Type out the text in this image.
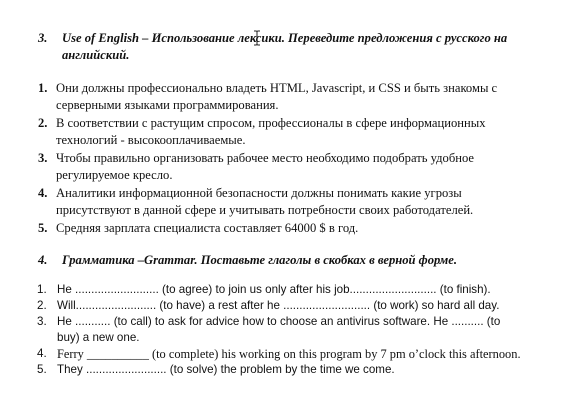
3. Use of English – Использование лексики. Переведите предложения с русского на
английский.
1. Они должны профессионально владеть HTML, Javascript, и CSS и быть знакомы с
серверными языками программирования.
2. В соответствии с растущим спросом, профессионалы в сфере информационных
технологий - высокооплачиваемые.
3. Чтобы правильно организовать рабочее место необходимо подобрать удобное
регулируемое кресло.
4. Аналитики информационной безопасности должны понимать какие угрозы
присутствуют в данной сфере и учитывать потребности своих работодателей.
5. Средняя зарплата специалиста составляет 64000 $ в год.
4. Грамматика –Grammar. Поставьте глаголы в скобках в верной форме.
1. He .......................... (to agree) to join us only after his job........................... (to finish).
2. Will......................... (to have) a rest after he ........................... (to work) so hard all day.
3. He ........... (to call) to ask for advice how to choose an antivirus software. He .......... (to
buy) a new one.
4. Ferry __________ (to complete) his working on this program by 7 pm o’clock this afternoon.
5. They ......................... (to solve) the problem by the time we come.
